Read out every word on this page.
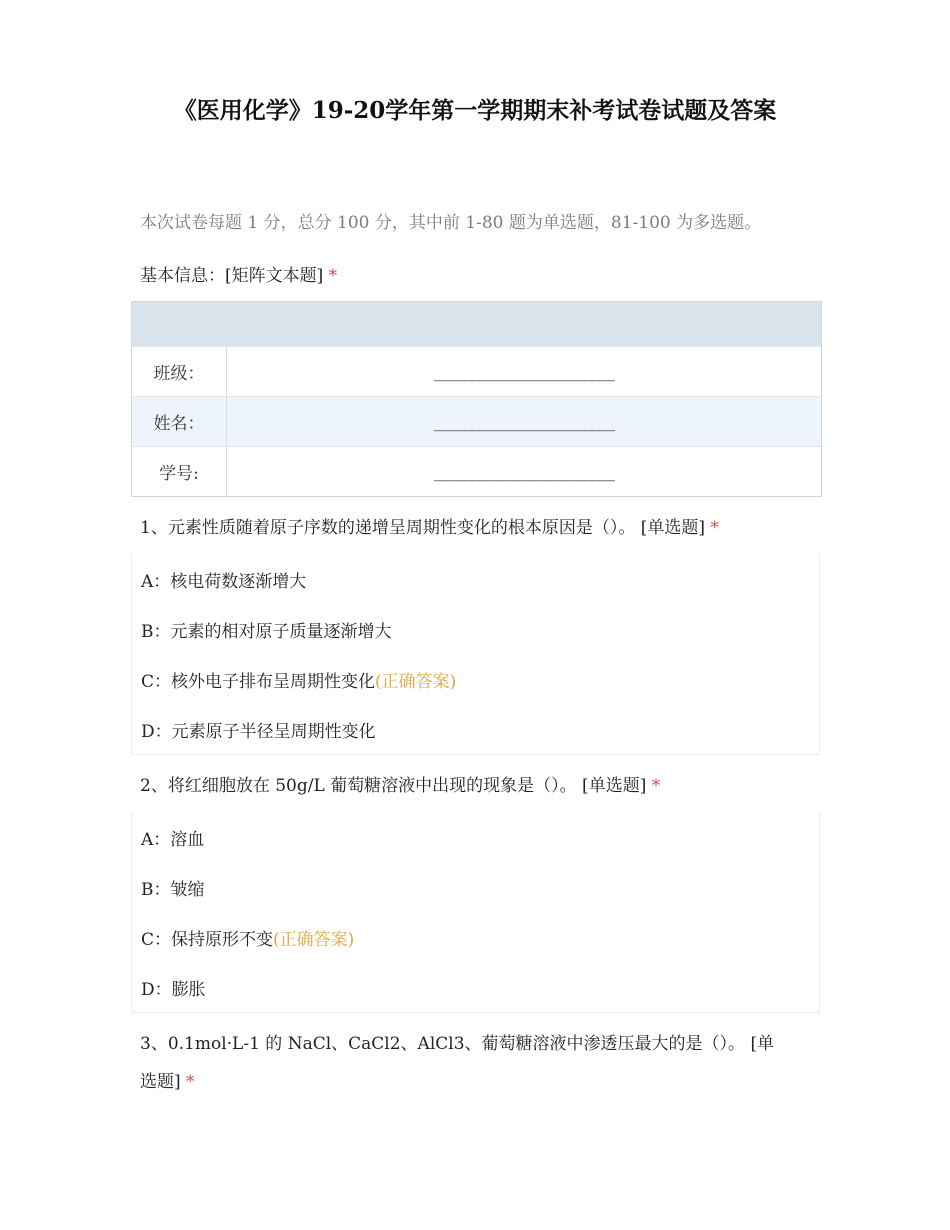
《医用化学》19-20学年第一学期期末补考试卷试题及答案
本次试卷每题 1 分，总分 100 分，其中前 1-80 题为单选题，81-100 为多选题。
基本信息：[矩阵文本题] *
班级：	________________________
姓名：	________________________
学号:	________________________
1、元素性质随着原子序数的递增呈周期性变化的根本原因是（）。 [单选题] *
A：核电荷数逐渐增大
B：元素的相对原子质量逐渐增大
C：核外电子排布呈周期性变化 (正确答案)
D：元素原子半径呈周期性变化
2、将红细胞放在 50g/L 葡萄糖溶液中出现的现象是（）。 [单选题] *
A：溶血
B：皱缩
C：保持原形不变 (正确答案)
D：膨胀
3、0.1mol·L-1 的 NaCl、CaCl2、AlCl3、葡萄糖溶液中渗透压最大的是（）。 [单
选题] *
